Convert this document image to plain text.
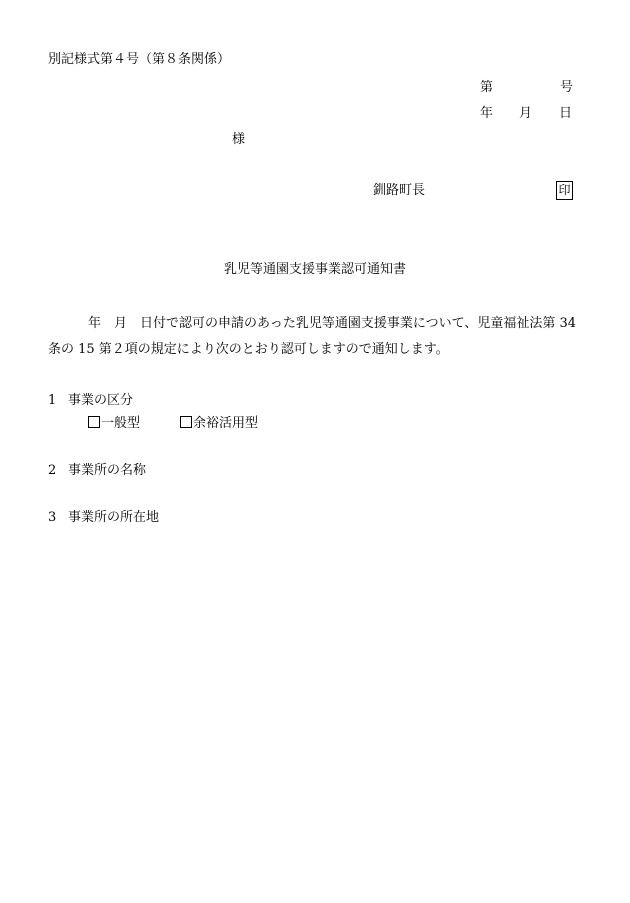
別記様式第４号（第８条関係）
第	号
年 月 日
様
釧路町長	印
乳児等通園支援事業認可通知書
年　月　日付で認可の申請のあった乳児等通園支援事業について、児童福祉法第 34
条の 15 第２項の規定により次のとおり認可しますので通知します。
1 事業の区分
一般型	余裕活用型
2 事業所の名称
3 事業所の所在地
